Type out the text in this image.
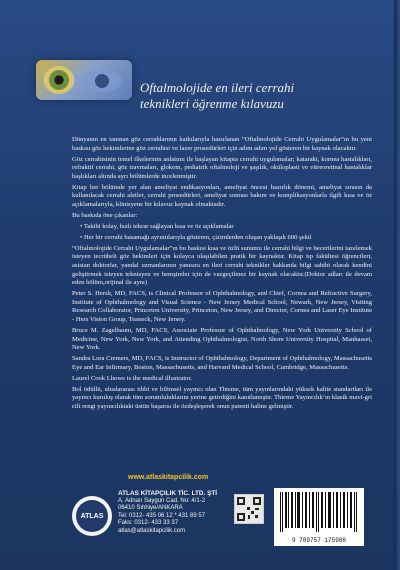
Oftalmolojide en ileri cerrahi
teknikleri öğrenme kılavuzu

Dünyanın en tanınan göz cerrahlarının katkılarıyla hazırlanan “Oftalmolojide Cerrahi Uygulamalar”ın bu yeni baskısı göz hekimlerine göz cerrahisi ve lazer prosedürleri için adım adım yol gösteren bir kaynak olacaktır.

Göz cerrahisinin temel ilkelerinin anlatımı ile başlayan kitapta cerrahi uygulamalar; katarakt, kornea hastalıkları, refraktif cerrahi, göz travmaları, glokom, pediatrik oftalmoloji ve şaşılık, oküloplasti ve vitreoretinal hastalıklar başlıkları altında ayrı bölümlerde incelenmiştir.

Kitap her bölümde yer alan ameliyat endikasyonları, ameliyat öncesi hazırlık dönemi, ameliyat sırasın da kullanılacak cerrahi aletler, cerrahi prosedürleri, ameliyat sonrası bakım ve komplikasyonlarla ilgili kısa ve öz açıklamalarıyla, klinisyene bir kılavuz kaynak olmaktadır.

Bu baskıda öne çıkanlar:

• Takibi kolay, hızlı tekrar sağlayan kısa ve öz açıklamalar

• Her bir cerrahi basamağı ayrıntılarıyla gösteren, çizimlerden oluşan yaklaşık 600 şekil

“Oftalmolojide Cerrahi Uygulamalar”ın bu baskısı kısa ve özlü sunumu ile cerrahi bilgi ve becerilerini tazelemek isteyen tecrübeli göz hekimleri için kolayca ulaşılabilen pratik bir kaynaktır. Kitap tıp fakültesi öğrencileri, asistan doktorlar, yandal uzmanlarının yanısıra en ileri cerrahi teknikler hakkında bilgi sahibi olarak kendini geliştirmek isteyen teknisyen ve hemşireler için de vazgeçilmez bir kaynak olacaktır.(Doktor adları ile devam eden bölüm,orijinal ile aynı)

Peter S. Hersh, MD, FACS, is Clinical Professor of Ophthalmology, and Chief, Cornea and Refractive Surgery, Institute of Ophthalmology and Visual Science - New Jersey Medical School, Newark, New Jersey, Visiting Research Collaborator, Princeton University, Princeton, New Jersey, and Director, Cornea and Laser Eye Institute - Hers Vision Group, Teaneck, New Jersey.

Bruce M. Zagelbaum, MD, FACS, Associate Professor of Ophthalmology, New York University School of Medicine, New York, New York, and Attending Ophthalmologist, North Shore University Hospital, Manhasset, New York.

Sandra Lora Cremers, MD, FACS, is Instructor of Ophthalmology, Department of Ophthalmology, Massachusetts Eye and Ear Infirmary, Boston, Massachusetts, and Harvard Medical School, Cambridge, Massachusetts.

Laurel Cook Lhowe is the medical illustrator.

Bol ödüllü, uluslararası tıbbi ve bilimsel yayıncı olan Thieme, tüm yayınlarındaki yüksek kalite standartları ile yayıncı kuruluş olarak tüm sorumluluklarını yerine getirdiğini kanıtlamıştır. Thieme Yayıncılık’ın klasik mavi-gri cilt rengi yayıncılıktaki üstün başarısı ile özdeşleşerek onun patenti haline gelmiştir.

www.atlaskitapcilik.com
ATLAS
ATLAS KİTAPÇILIK TİC. LTD. ŞTİ
A. Adnan Saygun Cad. No: 4/1-2
06410 Sıhhiye/ANKARA
Tel: 0312- 435 06 12 * 431 89 57
Faks: 0312- 433 33 37
atlas@atlaskitapcilik.com
9 789757 175988
